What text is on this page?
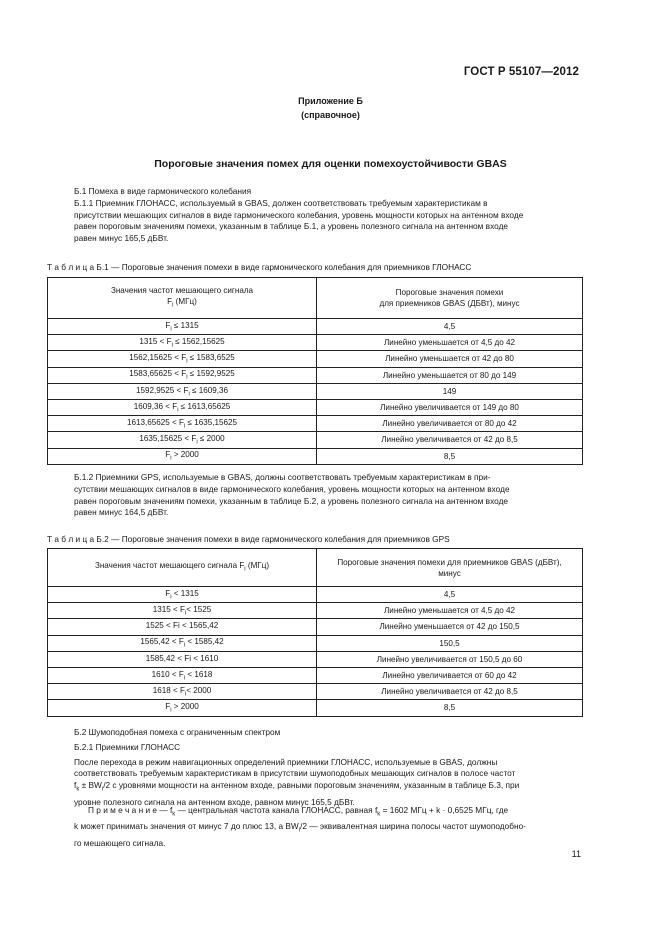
ГОСТ Р 55107—2012
Приложение Б
(справочное)
Пороговые значения помех для оценки помехоустойчивости GBAS
Б.1 Помеха в виде гармонического колебания
Б.1.1 Приемник ГЛОНАСС, используемый в GBAS, должен соответствовать требуемым характеристикам в
присутствии мешающих сигналов в виде гармонического колебания, уровень мощности которых на антенном входе
равен пороговым значениям помехи, указанным в таблице Б.1, а уровень полезного сигнала на антенном входе
равен минус 165,5 дБВт.
Т а б л и ц а Б.1 — Пороговые значения помехи в виде гармонического колебания для приемников ГЛОНАСС
Значения частот мешающего сигнала
$F_i$ (МГц)	Пороговые значения помехи
для приемников GBAS (ДБВт), минус
$F_i \le 1315$	4,5
$1315 < F_i \le 1562,15625$	Линейно уменьшается от 4,5 до 42
$1562,15625 < F_i \le 1583,6525$	Линейно уменьшается от 42 до 80
$1583,65625 < F_i \le 1592,9525$	Линейно уменьшается от 80 до 149
$1592,9525 < F_i \le 1609,36$	149
$1609,36 < F_i \le 1613,65625$	Линейно увеличивается от 149 до 80
$1613,65625 < F_i \le 1635,15625$	Линейно увеличивается от 80 до 42
$1635,15625 < F_i \le 2000$	Линейно увеличивается от 42 до 8,5
$F_i > 2000$	8,5
Б.1.2 Приемники GPS, используемые в GBAS, должны соответствовать требуемым характеристикам в при-
сутствии мешающих сигналов в виде гармонического колебания, уровень мощности которых на антенном входе
равен пороговым значениям помехи, указанным в таблице Б.2, а уровень полезного сигнала на антенном входе
равен минус 164,5 дБВт.
Т а б л и ц а Б.2 — Пороговые значения помехи в виде гармонического колебания для приемников GPS
Значения частот мешающего сигнала $F_i$ (МГц)	Пороговые значения помехи для приемников GBAS (дБВт),
минус
$F_i < 1315$	4,5
$1315 < F_i< 1525$	Линейно уменьшается от 4,5 до 42
1525 < Fi < 1565,42	Линейно уменьшается от 42 до 150,5
$1565,42 < F_i < 1585,42$	150,5
1585,42 < Fi < 1610	Линейно увеличивается от 150,5 до 60
$1610 < F_i < 1618$	Линейно увеличивается от 60 до 42
$1618 < F_i< 2000$	Линейно увеличивается от 42 до 8,5
$F_i > 2000$	8,5
Б.2 Шумоподобная помеха с ограниченным спектром
Б.2.1 Приемники ГЛОНАСС
После перехода в режим навигационных определений приемники ГЛОНАСС, используемые в GBAS, должны
соответствовать требуемым характеристикам в присутствии шумоподобных мешающих сигналов в полосе частот
$f_k \pm BW_i/2$ с уровнями мощности на антенном входе, равными пороговым значениям, указанным в таблице Б.3, при
уровне полезного сигнала на антенном входе, равном минус 165,5 дБВт.
П р и м е ч а н и е — $f_k$ — центральная частота канала ГЛОНАСС, равная $f_k = 1602$ МГц + k · 0,6525 МГц, где
k может принимать значения от минус 7 до плюс 13, а $BW_i/2$ — эквивалентная ширина полосы частот шумоподобно-
го мешающего сигнала.
11
